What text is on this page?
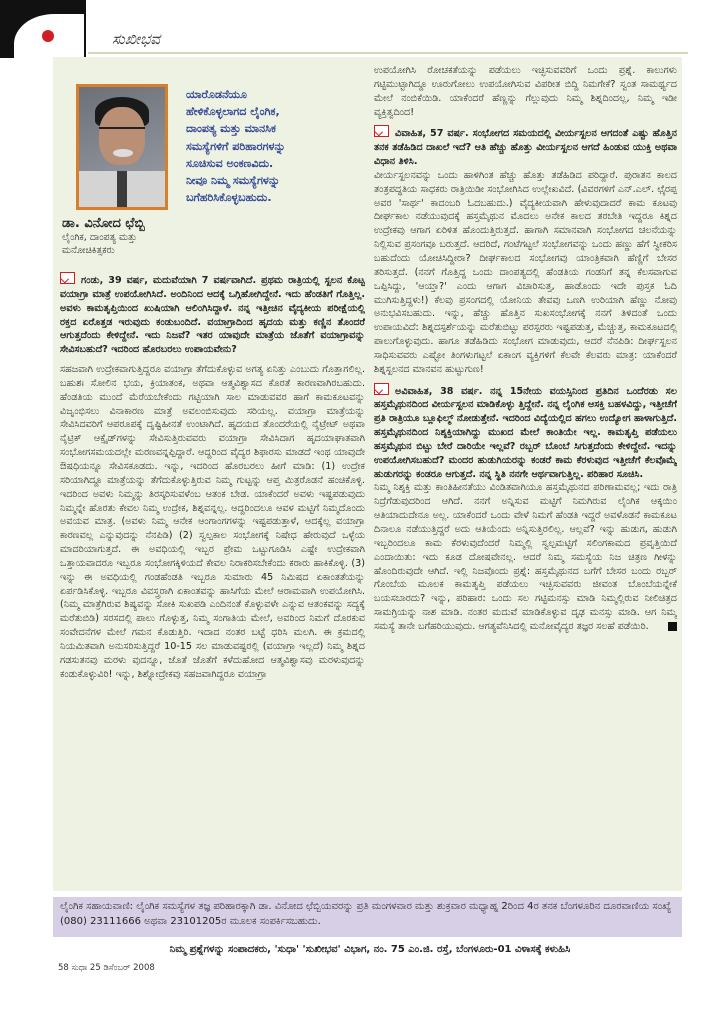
ಸುಖೀಭವ
ಯಾರೊಡನೆಯೂ
ಹೇಳಿಕೊಳ್ಳಲಾಗದ ಲೈಂಗಿಕ,
ದಾಂಪತ್ಯ ಮತ್ತು ಮಾನಸಿಕ
ಸಮಸ್ಯೆಗಳಿಗೆ ಪರಿಹಾರಗಳನ್ನು
ಸೂಚಿಸುವ ಅಂಕಣವಿದು.
ನೀವೂ ನಿಮ್ಮ ಸಮಸ್ಯೆಗಳನ್ನು
ಬಗೆಹರಿಸಿಕೊಳ್ಳಬಹುದು.
ಡಾ. ವಿನೋದ ಛೆಬ್ಬಿ
ಲೈಂಗಿಕ, ದಾಂಪತ್ಯ ಮತ್ತು ಮನೋಚಿಕಿತ್ಸಕರು

ಗಂಡು, 39 ವರ್ಷ, ಮದುವೆಯಾಗಿ 7 ವರ್ಷವಾಗಿದೆ. ಪ್ರಥಮ ರಾತ್ರಿಯಲ್ಲಿ ಸ್ಖಲನ ಕೊಟ್ಟ ವಯಾಗ್ರಾ ಮಾತ್ರೆ ಉಪಯೋಗಿಸಿದೆ. ಅಂದಿನಿಂದ ಆದಕ್ಕೆ ಒಗ್ಗಿಹೋಗಿದ್ದೇನೆ. ಇದು ಹೆಂಡತಿಗೆ ಗೊತ್ತಿಲ್ಲ. ಅವಳು ಕಾಮತೃಪ್ತಿಯಿಂದ ಖುಷಿಯಾಗಿ ಆಲಿಂಗಿಸಿದ್ದಾಳೆ. ನನ್ನ ಇತ್ತೀಚಿನ ವೈದ್ಯಕೀಯ ಪರೀಕ್ಷೆಯಲ್ಲಿ ರಕ್ತದ ಏರೊತ್ತಡ ಇರುವುದು ಕಂಡುಬಂದಿದೆ. ವಯಾಗ್ರಾದಿಂದ ಹೃದಯ ಮತ್ತು ಕಣ್ಣಿನ ತೊಂದರೆ ಆಗುತ್ತದೆಂದು ಕೇಳಿದ್ದೇನೆ. ಇದು ನಿಜವೆ? ಇತರ ಯಾವುದೇ ಮಾತ್ರೆಯ ಜೊತೆಗೆ ವಯಾಗ್ರಾವನ್ನು ಸೇವಿಸಬಹುದೆ? ಇದರಿಂದ ಹೊರಬರಲು ಉಪಾಯವೇನು?

ಸಹಜವಾಗಿ ಉದ್ರೇಕವಾಗುತ್ತಿದ್ದರೂ ವಯಾಗ್ರಾ ತೆಗೆದುಕೊಳ್ಳುವ ಅಗತ್ಯ ಏನಿತ್ತು ಎಂಬುದು ಗೊತ್ತಾಗಲಿಲ್ಲ. ಬಹುಶಃ ಸೋಲಿನ ಭಯ, ಕ್ರಿಯಾತಂಕ, ಅಥವಾ ಆತ್ಮವಿಶ್ವಾಸದ ಕೊರತೆ ಕಾರಣವಾಗಿರಬಹುದು. ಹೆಂಡತಿಯ ಮುಂದೆ ಮೆರೆಯಬೇಕೆಂದು ಗಟ್ಟಿಯಾಗಿ ಸಾಲ ಮಾಡುವವರ ಹಾಗೆ ಕಾಮಕೂಟವನ್ನು ವಿಜೃಂಭಿಸಲು ವಿನಾಕಾರಣ ಮಾತ್ರೆ ಅವಲಂಬಿಸುವುದು ಸರಿಯಲ್ಲ. ವಯಾಗ್ರಾ ಮಾತ್ರೆಯನ್ನು ಸೇವಿಸಿದವರಿಗೆ ಆಪರೂಪಕ್ಕೆ ದೃಷ್ಟಿಹೀನತೆ ಉಂಟಾಗಿದೆ. ಹೃದಯದ ತೊಂದರೆಯಲ್ಲಿ ನೈಟ್ರೇಟ್ ಅಥವಾ ನೈಟ್ರಿಕ್ ಆಕ್ಸೈಡ್‌ಗಳನ್ನು ಸೇವಿಸುತ್ತಿರುವವರು ವಯಾಗ್ರಾ ಸೇವಿಸಿದಾಗ ಹೃದಯಾಘಾತವಾಗಿ ಸಂಭೋಗಸಮಯದಲ್ಲೇ ಮರಣವನ್ನಪ್ಪಿದ್ದಾರೆ. ಆದ್ದರಿಂದ ವೈದ್ಯರ ಶಿಫಾರಸು ಮಾಡದೆ ಇಂಥ ಯಾವುದೇ ಔಷಧಿಯನ್ನೂ ಸೇವಿಸಕೂಡದು. ಇನ್ನು, ಇದರಿಂದ ಹೊರಬರಲು ಹೀಗೆ ಮಾಡಿ: (1) ಉದ್ರೇಕ ಸರಿಯಾಗಿದ್ದೂ ಮಾತ್ರೆಯನ್ನು ತೆಗೆದುಕೊಳ್ಳುತ್ತಿರುವ ನಿಮ್ಮ ಗುಟ್ಟನ್ನು ಆಪ್ತ ಮಿತ್ರರೊಡನೆ ಹಂಚಿಕೊಳ್ಳಿ. ಇದರಿಂದ ಅವಳು ನಿಮ್ಮನ್ನು ತಿರಸ್ಕರಿಸುವಳೆಂಬ ಆತಂಕ ಬೇಡ. ಯಾಕೆಂದರೆ ಅವಳು ಇಷ್ಟಪಡುವುದು ನಿಮ್ಮನ್ನೇ ಹೊರತು ಕೇವಲ ನಿಮ್ಮ ಉದ್ರೇಕ, ಶಿಶ್ನವನ್ನಲ್ಲ. ಆದ್ದರಿಂದಲೂ ಆವಳ ಮಟ್ಟಿಗೆ ನಿಮ್ಮದೊಂದು ಅವಯವ ಮಾತ್ರ. (ಅವಳು ನಿಮ್ಮ ಆನೇಕ ಆಂಗಾಂಗಗಳನ್ನು ಇಷ್ಟಪಡುತ್ತಾಳೆ, ಆದಕ್ಕೆಲ್ಲ ವಯಾಗ್ರಾ ಕಾರಣವಲ್ಲ ಎನ್ನುವುದನ್ನು ನೆನಪಿಡಿ) (2) ಸ್ವಲ್ಪಕಾಲ ಸಂಭೋಗಕ್ಕೆ ನಿಷೇಧ ಹೇರುವುದೆ ಒಳ್ಳೆಯ ಮಾದರಿಯಾಗುತ್ತದೆ. ಈ ಅವಧಿಯಲ್ಲಿ ಇಬ್ಬರ ಪ್ರೇಮ ಒಟ್ಟುಗೂಡಿಸಿ ಎಷ್ಟೇ ಉದ್ರೇಕವಾಗಿ ಒತ್ತಾಯವಾದರೂ ಇಬ್ಬರೂ ಸಂಭೋಗಕ್ಕಿಳಿಯದೆ ಕೇವಲ ನಿರಾಕರಿಸಬೇಕೆಂದು ಕರಾರು ಹಾಕಿಕೊಳ್ಳಿ. (3) ಇನ್ನು ಈ ಅವಧಿಯಲ್ಲಿ ಗಂಡಹೆಂಡತಿ ಇಬ್ಬರೂ ಸುಮಾರು 45 ನಿಮಿಷದ ಏಕಾಂತತೆಯನ್ನು ಏರ್ಪಡಿಸಿಕೊಳ್ಳಿ. ಇಬ್ಬರೂ ವಿವಸ್ತ್ರರಾಗಿ ಏಕಾಂತವನ್ನು ಹಾಸಿಗೆಯ ಮೇಲೆ ಆರಾಮವಾಗಿ ಉಪಯೋಗಿಸಿ. (ನಿಮ್ಮ ಮಾತ್ರೆಗಿರುವ ಶಿಷ್ಯವನ್ನು ಸೋಕಿ ಸುಖಪಡಿ ಎಂದಿನಂತೆ ಕೊಳ್ಳುವಳೇ ಎನ್ನುವ ಆತಂಕವನ್ನು ಸದ್ಯಕ್ಕೆ ಮರೆತುಬಿಡಿ) ಸರಸದಲ್ಲಿ ಪಾಲು ಗೊಳ್ಳುತ್ತ, ನಿಮ್ಮ ಸಂಗಾತಿಯ ಮೇಲೆ, ಅವರಿಂದ ನಿಮಗೆ ದೊರಕುವ ಸಂವೇದನೆಗಳ ಮೇಲೆ ಗಮನ ಕೊಡುತ್ತಿರಿ. ಇದಾದ ನಂತರ ಬಟ್ಟೆ ಧರಿಸಿ ಮಲಗಿ. ಈ ಕ್ರಮದಲ್ಲಿ ನಿಯಮಿತವಾಗಿ ಅನುಸರಿಸುತ್ತಿದ್ದರೆ 10-15 ಸಲ ಮಾಡುವಷ್ಟರಲ್ಲಿ (ವಯಾಗ್ರಾ ಇಲ್ಲದೆ) ನಿಮ್ಮ ಶಿಶ್ನದ ಗಡಸುತನವು ಮರಳು ವುದನ್ನೂ, ಜೊತೆ ಜೊತೆಗೆ ಕಳೆದುಹೋದ ಆತ್ಮವಿಶ್ವಾಸವು ಮರಳುವುದನ್ನು ಕಂಡುಕೊಳ್ಳುವಿರಿ! ಇನ್ನು, ಶಿಶ್ನೋದ್ರೇಕವು ಸಹಜವಾಗಿದ್ದರೂ ವಯಾಗ್ರಾ

ಉಪಯೋಗಿಸಿ ರೋಚಕತೆಯನ್ನು ಪಡೆಯಲು ಇಚ್ಛಿಸುವವರಿಗೆ ಒಂದು ಪ್ರಶ್ನೆ. ಕಾಲುಗಳು ಗಟ್ಟಿಮುಟ್ಟಾಗಿದ್ದೂ ಊರುಗೋಲು ಉಪಯೋಗಿಸುವ ವಿಪರೀತ ಬಿದ್ದಿ ನಿಮಗೇಕೆ? ಸ್ವಂತ ಸಾಮರ್ಥ್ಯದ ಮೇಲೆ ನಂಬಿಕೆಯಿಡಿ. ಯಾಕೆಂದರೆ ಹೆಣ್ಣನ್ನು ಗೆಲ್ಲುವುದು ನಿಮ್ಮ ಶಿಶ್ನದಿಂದಲ್ಲ, ನಿಮ್ಮ ಇಡೀ ವ್ಯಕ್ತಿತ್ವದಿಂದ!

ವಿವಾಹಿತ, 57 ವರ್ಷ. ಸಂಭೋಗದ ಸಮಯದಲ್ಲಿ ವೀರ್ಯಸ್ಖಲನ ಆಗದಂತೆ ಎಷ್ಟು ಹೊತ್ತಿನ ತನಕ ತಡೆಹಿಡಿದ ದಾಖಲೆ ಇದೆ? ಆತಿ ಹೆಚ್ಚು ಹೊತ್ತು ವೀರ್ಯಸ್ಖಲನ ಆಗದೆ ಹಿಂಡುವ ಯುಕ್ತಿ ಅಥವಾ ವಿಧಾನ ತಿಳಿಸಿ.

ವೀರ್ಯಸ್ಖಲನವನ್ನು ಒಂದು ಹಾಳಿಗಿಂತ ಹೆಚ್ಚು ಹೊತ್ತು ತಡೆಹಿಡಿದ ಪರಿದ್ದಾರೆ. ಪುರಾತನ ಕಾಲದ ತಂತ್ರಪದ್ಧತಿಯ ಸಾಧಕರು ರಾತ್ರಿಯಿಡೀ ಸಂಭೋಗಿಸಿದ ಉಲ್ಲೇಖವಿದೆ. (ವಿವರಗಳಿಗೆ ಎನ್.ಎಲ್. ಛೈರಪ್ಪ ಅವರ 'ಸಾರ್ಥ' ಕಾದಂಬರಿ ಓದಬಹುದು.) ವೈದ್ಯಕೀಯವಾಗಿ ಹೇಳುವುದಾದರೆ ಕಾಮ ಕೂಟವು ದೀರ್ಘಕಾಲ ನಡೆಯುವುದಕ್ಕೆ ಹಸ್ತಮೈಥುನ ಮೊದಲು ಅನೇಕ ಕಾಲದ ತರಬೇತಿ ಇದ್ದರೂ ಕಿಶ್ನದ ಉದ್ರೇಕವು ಆಗಾಗ ಏರಿಳಿತ ಹೊಂದುತ್ತಿರುತ್ತದೆ. ಹಾಗಾಗಿ ಸಮಾನವಾಗಿ ಸಂಭೋಗದ ಚಲನೆಯನ್ನು ನಿಲ್ಲಿಸುವ ಪ್ರಸಂಗವೂ ಬರುತ್ತದೆ. ಆದರಿದೆ, ಗಂಟೆಗಟ್ಟಲೆ ಸಂಭೋಗವನ್ನು ಒಂದು ಹಣ್ಣು ಹೆಗೆ ಸ್ವೀಕರಿಸ ಬಹುದೆಂದು ಯೋಚಿಸಿದ್ದೀರಾ? ದೀರ್ಘಕಾಲದ ಸಂಭೋಗವು ಯಾಂತ್ರಿಕವಾಗಿ ಹೆಣ್ಣಿಗೆ ಬೇಸರ ತರಿಸುತ್ತದೆ. (ನನಗೆ ಗೊತ್ತಿದ್ದ ಒಂದು ದಾಂಪತ್ಯದಲ್ಲಿ ಹೆಂಡತಿಯ ಗಂಡನಿಗೆ ತನ್ನ ಕೆಲಸವಾಗುವ ಒಪ್ಪಿಸಿದ್ದು, 'ಆಯ್ತಾ?' ಎಂದು ಆಗಾಗ ವಿಚಾರಿಸುತ್ತ, ಹಾಡೊಂದು ಇದೇ ಪುಸ್ತಕ ಓದಿ ಮುಗಿಸುತ್ತಿದ್ದಳು!) ಕೆಲವು ಪ್ರಸಂಗದಲ್ಲಿ ಯೋನಿಯ ತೇವವು ಒಣಗಿ ಉರಿಯಾಗಿ ಹೆಣ್ಣು ನೋವು ಅನುಭವಿಸಬಹುದು. ಇನ್ನು, ಹೆಚ್ಚು ಹೊತ್ತಿನ ಸುಖಸಂಭೋಗಕ್ಕೆ ನನಗೆ ತಿಳಿದಂತೆ ಒಂದು ಉಪಾಯವಿದೆ: ಶಿಶ್ನದಸ್ಪರ್ಶೆಯನ್ನು ಮರೆತುಬಿಟ್ಟು ಪರಸ್ಪರರು ಇಷ್ಟಪಡುತ್ತ, ಮೆಚ್ಚುತ್ತ, ಕಾಮಕೂಟದಲ್ಲಿ ಪಾಲುಗೊಳ್ಳುವುದು. ಹಾಗೂ ತಡೆಹಿಡಿದು ಸಂಭೋಗ ಮಾಡುವುದು, ಆದರೆ ನೆನಪಿಡಿ: ದೀರ್ಘಸ್ಖಲನ ಸಾಧಿಸುವವರು ಎಷ್ಟೋ ತಿಂಗಳುಗಟ್ಟಲೆ ಏಕಾಂಗ ವ್ಯಕ್ತಿಗಳಿಗೆ ಕೆಲವೇ ಕೆಲವರು ಮಾತ್ರ: ಯಾಕೆಂದರೆ ಶಿಶ್ನಸ್ಖಲನದ ಮಾನವನ ಹುಟ್ಟುಗುಣ!

ಅವಿವಾಹಿತ, 38 ವರ್ಷ. ನನ್ನ 15ನೇಯ ವಯಸ್ಸಿನಿಂದ ಪ್ರತಿದಿನ ಒಂದೆರಡು ಸಲ ಹಸ್ತಮೈಥುನದಿಂದ ವೀರ್ಯಸ್ಖಲನ ಮಾಡಿಕೊಳ್ಳು ತ್ತಿದ್ದೇನೆ. ನನ್ನ ಲೈಂಗಿಕ ಆಸಕ್ತಿ ಬಹಳವಿದ್ದು, ಇತ್ತೀಚೆಗೆ ಪ್ರತಿ ರಾತ್ರಿಯೂ ಬ್ಲೂಫಿಲ್ಮ್ ನೋಡುತ್ತೇನೆ. ಇದರಿಂದ ವಿದ್ಯೆಯಲ್ಲಿದ ಹಗಲು ಉದ್ಯೋಗ ಹಾಳಾಗುತ್ತಿದೆ. ಹಸ್ತಮೈಥುನದಿಂದ ನಿಶ್ಶಕ್ತಿಯಾಗಿದ್ದು ಮುಖದ ಮೇಲೆ ಕಾಂತಿಯೇ ಇಲ್ಲ. ಕಾಮತೃಪ್ತಿ ಪಡೆಯಲು ಹಸ್ತಮೈಥುನ ಬಿಟ್ಟು ಬೇರೆ ದಾರಿಯೇ ಇಲ್ಲವೆ? ರಬ್ಬರ್ ಬೊಂಬೆ ಸಿಗುತ್ತದೆಂದು ಕೇಳಿದ್ದೇನೆ. ಇದನ್ನು ಉಪಯೋಗಿಸಬಹುದೆ? ಮಂದರ ಹುಡುಗಿಯರನ್ನು ಕಂಡರೆ ಕಾಮ ಕೆರಳುವುದ ಇತ್ತೀಚೆಗೆ ಕೆಲವೊಮ್ಮೆ ಹುಡುಗರನ್ನು ಕಂಡರೂ ಆಗುತ್ತದೆ. ನನ್ನ ಸ್ಥಿತಿ ನನಗೇ ಆರ್ಥವಾಗುತ್ತಿಲ್ಲ. ಪರಿಹಾರ ಸೂಚಿಸಿ.

ನಿಮ್ಮ ನಿಶ್ಶಕ್ತಿ ಮತ್ತು ಕಾಂತಿಹೀನತೆಯು ವಿಂಡಿತವಾಗಿಯೂ ಹಸ್ತಮೈಥುನದ ಪರಿಣಾಮವಲ್ಲ; ಇದು ರಾತ್ರಿ ನಿದ್ರೆಗೆಡುವುದರಿಂದ ಆಗಿದೆ. ನನಗೆ ಅನ್ನಿಸುವ ಮಟ್ಟಿಗೆ ನಿಮಗಿರುವ ಲೈಂಗಿಕ ಆಕ್ಕಯಿಂ ಆತಿಯಾದುದೇನೂ ಅಲ್ಲ. ಯಾಕೆಂದರೆ ಒಂದು ವೇಳೆ ನಿಮಗೆ ಹೆಂಡತಿ ಇದ್ದರೆ ಅವಳೊಡನೆ ಕಾಮಕೂಟ ದಿನಾಲೂ ನಡೆಯುತ್ತಿದ್ದರೆ ಅದು ಆತಿಯೆಂದು ಅನ್ನಿಸುತ್ತಿರಲಿಲ್ಲ. ಆಲ್ಲವೆ? ಇನ್ನು ಹುಡುಗ, ಹುಡುಗಿ ಇಬ್ಬರಿಂದಲೂ ಕಾಮ ಕೆರಳುವುದೆಂದರೆ ನಿಮ್ಮಲ್ಲಿ ಸ್ವಲ್ಪಮಟ್ಟಿಗೆ ಸಲಿಂಗಕಾಮದ ಪ್ರವೃತ್ತಿಯಿದೆ ಎಂದಾಯಿತು: ಇದು ಕೂಡ ದೋಷವೇನಲ್ಲ. ಆದರೆ ನಿಮ್ಮ ಸಮಸ್ಯೆಯ ನಿಜ ಚಿತ್ರಣ ಗೀಳನ್ನು ಹೊಂದಿರುವುದೇ ಆಗಿದೆ. ಇಲ್ಲಿ ನಿಜವೊಂದು ಪ್ರಶ್ನೆ: ಹಸ್ತಮೈಥುನದ ಬಗೆಗೆ ಬೇಸರ ಬಂದು ರಬ್ಬರ್ ಗೊಂಬೆಯ ಮೂಲಕ ಕಾಮತೃಪ್ತಿ ಪಡೆಯಲು ಇಚ್ಛಿಸುವವರು ಜೀವಂತ ಬೊಂಬೆಯನ್ನೇಕೆ ಬಯಸಬಾರದು? ಇನ್ನು, ಪರಿಹಾರ: ಒಂದು ಸಲ ಗಟ್ಟಿಮನಸ್ಸು ಮಾಡಿ ನಿಮ್ಮಲ್ಲಿರುವ ನೀಲಿಚಿತ್ರದ ಸಾಮಗ್ರಿಯನ್ನು ನಾಶ ಮಾಡಿ. ನಂತರ ಮದುವೆ ಮಾಡಿಕೊಳ್ಳುವ ದೃಢ ಮನಸ್ಸು ಮಾಡಿ. ಆಗ ನಿಮ್ಮ ಸಮಸ್ಯೆ ತಾನೇ ಬಗೆಹರಿಯುವುದು. ಆಗತ್ಯವೆನಿಸಿದಲ್ಲಿ ಮನೋವೈದ್ಯರ ತಜ್ಞರ ಸಲಹೆ ಪಡೆಯಿರಿ.

ಲೈಂಗಿಕ ಸಹಾಯವಾಣಿ: ಲೈಂಗಿಕ ಸಮಸ್ಯೆಗಳ ತಜ್ಞ ಪರಿಹಾರಕ್ಕಾಗಿ ಡಾ. ವಿನೋದ ಛೆಬ್ಬಿಯವರನ್ನು ಪ್ರತಿ ಮಂಗಳವಾರ ಮತ್ತು ಶುಕ್ರವಾರ ಮಧ್ಯಾಹ್ನ 2ರಿಂದ 4ರ ತನಕ ಬೆಂಗಳೂರಿನ ದೂರವಾಣಿಯ ಸಂಖ್ಯೆ (080) 23111666 ಅಥವಾ 23101205ರ ಮೂಲಕ ಸಂಪರ್ಕಿಸಬಹುದು.
ನಿಮ್ಮ ಪ್ರಶ್ನೆಗಳನ್ನು ಸಂಪಾದಕರು, 'ಸುಧಾ' 'ಸುಖೀಭವ' ವಿಭಾಗ, ನಂ. 75 ಎಂ.ಜಿ. ರಸ್ತೆ, ಬೆಂಗಳೂರು-01 ವಿಳಾಸಕ್ಕೆ ಕಳುಹಿಸಿ
58 ಸುಧಾ 25 ಡಿಸೆಂಬರ್ 2008
